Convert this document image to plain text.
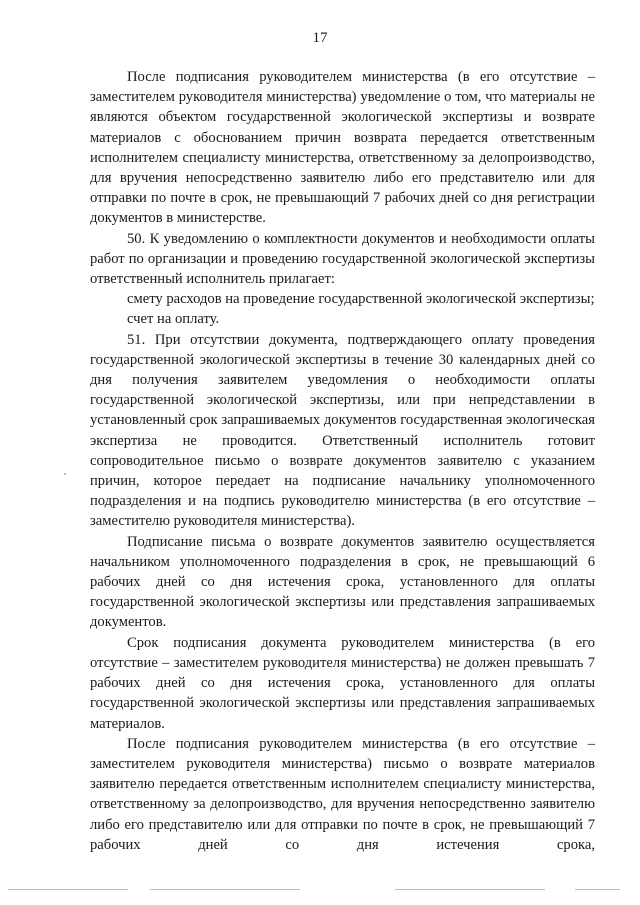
17

После подписания руководителем министерства (в его отсутствие – заместителем руководителя министерства) уведомление о том, что материалы не являются объектом государственной экологической экспертизы и возврате материалов с обоснованием причин возврата передается ответственным исполнителем специалисту министерства, ответственному за делопроизводство, для вручения непосредственно заявителю либо его представителю или для отправки по почте в срок, не превышающий 7 рабочих дней со дня регистрации документов в министерстве.

50. К уведомлению о комплектности документов и необходимости оплаты работ по организации и проведению государственной экологической экспертизы ответственный исполнитель прилагает:

смету расходов на проведение государственной экологической экспертизы;

счет на оплату.

51. При отсутствии документа, подтверждающего оплату проведения государственной экологической экспертизы в течение 30 календарных дней со дня получения заявителем уведомления о необходимости оплаты государственной экологической экспертизы, или при непредставлении в установленный срок запрашиваемых документов государственная экологическая экспертиза не проводится. Ответственный исполнитель готовит сопроводительное письмо о возврате документов заявителю с указанием причин, которое передает на подписание начальнику уполномоченного подразделения и на подпись руководителю министерства (в его отсутствие – заместителю руководителя министерства).

Подписание письма о возврате документов заявителю осуществляется начальником уполномоченного подразделения в срок, не превышающий 6 рабочих дней со дня истечения срока, установленного для оплаты государственной экологической экспертизы или представления запрашиваемых документов.

Срок подписания документа руководителем министерства (в его отсутствие – заместителем руководителя министерства) не должен превышать 7 рабочих дней со дня истечения срока, установленного для оплаты государственной экологической экспертизы или представления запрашиваемых материалов.

После подписания руководителем министерства (в его отсутствие – заместителем руководителя министерства) письмо о возврате материалов заявителю передается ответственным исполнителем специалисту министерства, ответственному за делопроизводство, для вручения непосредственно заявителю либо его представителю или для отправки по почте в срок, не превышающий 7 рабочих дней со дня истечения срока,
